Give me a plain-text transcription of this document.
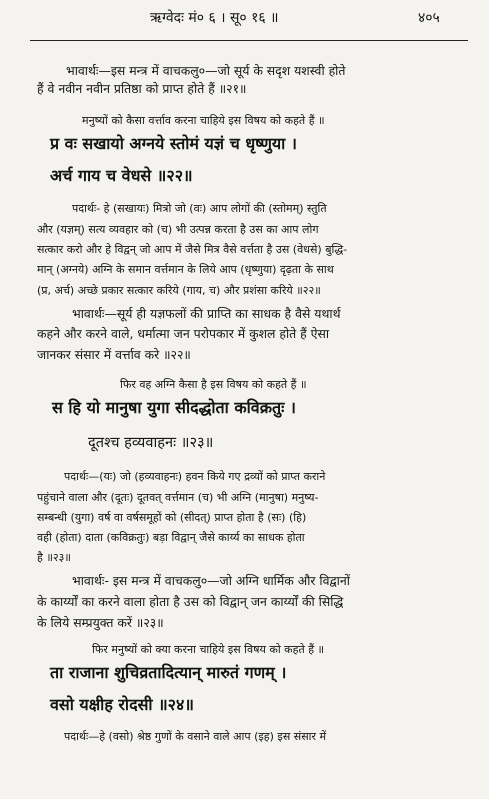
ऋग्वेदः मं० ६ । सू० १६ ॥	४०५
भावार्थः—इस मन्त्र में वाचकलु०—जो सूर्य के सदृश यशस्वी होते
हैं वे नवीन नवीन प्रतिष्ठा को प्राप्त होते हैं ॥२१॥
मनुष्यों को कैसा वर्त्ताव करना चाहिये इस विषय को कहते हैं ॥
प्र वः सखायो अग्नये स्तोमं यज्ञं च धृष्णुया ।
अर्च गाय च वेधसे ॥२२॥
पदार्थः- हे (सखायः) मित्रो जो (वः) आप लोगों की (स्तोमम्) स्तुति
और (यज्ञम्) सत्य व्यवहार को (च) भी उत्पन्न करता है उस का आप लोग
सत्कार करो और हे विद्वन् जो आप में जैसे मित्र वैसे वर्त्तता है उस (वेधसे) बुद्धि-
मान् (अग्नये) अग्नि के समान वर्त्तमान के लिये आप (धृष्णुया) दृढ़ता के साथ
(प्र, अर्च) अच्छे प्रकार सत्कार करिये (गाय, च) और प्रशंसा करिये ॥२२॥
भावार्थः—सूर्य ही यज्ञफलों की प्राप्ति का साधक है वैसे यथार्थ
कहने और करने वाले, धर्मात्मा जन परोपकार में कुशल होते हैं ऐसा
जानकर संसार में वर्त्ताव करे ॥२२॥
फिर वह अग्नि कैसा है इस विषय को कहते हैं ॥
स हि यो मानुषा युगा सीदद्धोता कविक्रतुः ।
दूतश्च हव्यवाहनः ॥२३॥
पदार्थः—(यः) जो (हव्यवाहनः) हवन किये गए द्रव्यों को प्राप्त कराने
पहुंचाने वाला और (दूतः) दूतवत् वर्त्तमान (च) भी अग्नि (मानुषा) मनुष्य-
सम्बन्धी (युगा) वर्ष वा वर्षसमूहों को (सीदत्) प्राप्त होता है (सः) (हि)
वही (होता) दाता (कविक्रतुः) बड़ा विद्वान् जैसे कार्य्य का साधक होता
है ॥२३॥
भावार्थः- इस मन्त्र में वाचकलु०—जो अग्नि धार्मिक और विद्वानों
के कार्य्यों का करने वाला होता है उस को विद्वान् जन कार्य्यों की सिद्धि
के लिये सम्प्रयुक्त करें ॥२३॥
फिर मनुष्यों को क्या करना चाहिये इस विषय को कहते हैं ॥
ता राजाना शुचिव्रतादित्यान् मारुतं गणम् ।
वसो यक्षीह रोदसी ॥२४॥
पदार्थः—हे (वसो) श्रेष्ठ गुणों के वसाने वाले आप (इह) इस संसार में
